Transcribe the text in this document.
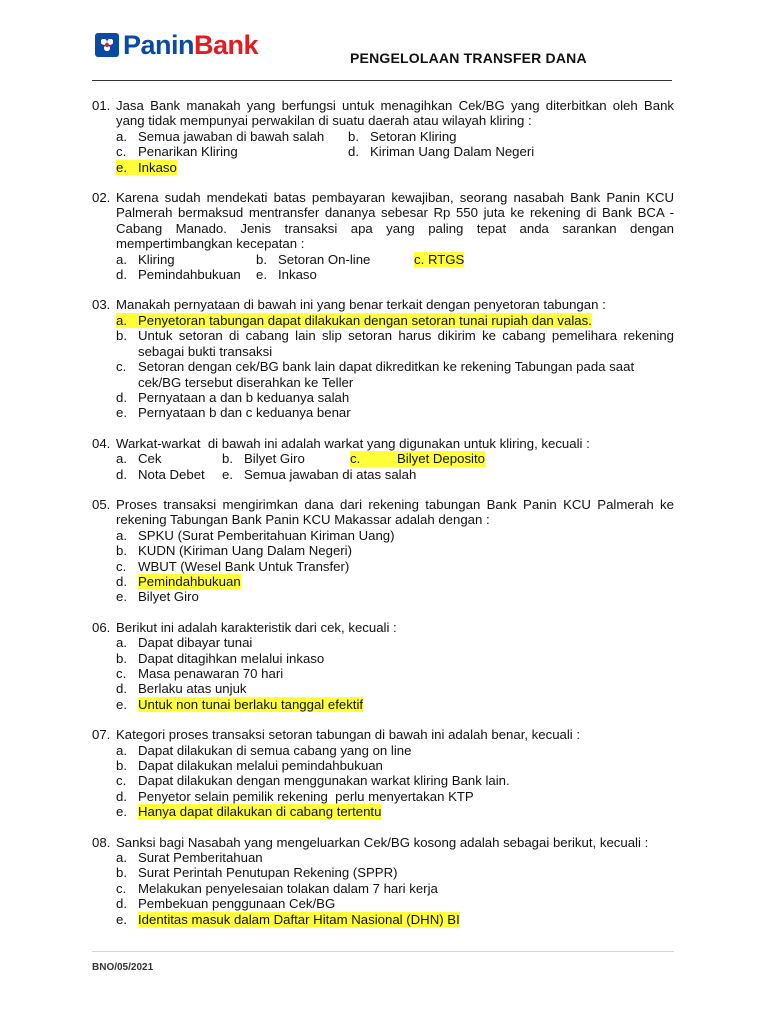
PaninBank	PENGELOLAAN TRANSFER DANA
01. Jasa Bank manakah yang berfungsi untuk menagihkan Cek/BG yang diterbitkan oleh Bank yang tidak mempunyai perwakilan di suatu daerah atau wilayah kliring :
a. Semua jawaban di bawah salah b. Setoran Kliring
c. Penarikan Kliring	d. Kiriman Uang Dalam Negeri
e. Inkaso
02. Karena sudah mendekati batas pembayaran kewajiban, seorang nasabah Bank Panin KCU Palmerah bermaksud mentransfer dananya sebesar Rp 550 juta ke rekening di Bank BCA - Cabang Manado. Jenis transaksi apa yang paling tepat anda sarankan dengan mempertimbangkan kecepatan :
a. Kliring	b. Setoran On-line	c. RTGS
d. Pemindahbukuan e. Inkaso
03. Manakah pernyataan di bawah ini yang benar terkait dengan penyetoran tabungan :
a. Penyetoran tabungan dapat dilakukan dengan setoran tunai rupiah dan valas.
b. Untuk setoran di cabang lain slip setoran harus dikirim ke cabang pemelihara rekening sebagai bukti transaksi
c. Setoran dengan cek/BG bank lain dapat dikreditkan ke rekening Tabungan pada saat cek/BG tersebut diserahkan ke Teller
d. Pernyataan a dan b keduanya salah
e. Pernyataan b dan c keduanya benar
04. Warkat-warkat  di bawah ini adalah warkat yang digunakan untuk kliring, kecuali :
a. Cek	b. Bilyet Giro	c.	Bilyet Deposito
d. Nota Debet e. Semua jawaban di atas salah
05. Proses transaksi mengirimkan dana dari rekening tabungan Bank Panin KCU Palmerah ke rekening Tabungan Bank Panin KCU Makassar adalah dengan :
a. SPKU (Surat Pemberitahuan Kiriman Uang)
b. KUDN (Kiriman Uang Dalam Negeri)
c. WBUT (Wesel Bank Untuk Transfer)
d. Pemindahbukuan
e. Bilyet Giro
06. Berikut ini adalah karakteristik dari cek, kecuali :
a. Dapat dibayar tunai
b. Dapat ditagihkan melalui inkaso
c. Masa penawaran 70 hari
d. Berlaku atas unjuk
e. Untuk non tunai berlaku tanggal efektif
07. Kategori proses transaksi setoran tabungan di bawah ini adalah benar, kecuali :
a. Dapat dilakukan di semua cabang yang on line
b. Dapat dilakukan melalui pemindahbukuan
c. Dapat dilakukan dengan menggunakan warkat kliring Bank lain.
d. Penyetor selain pemilik rekening  perlu menyertakan KTP
e. Hanya dapat dilakukan di cabang tertentu
08. Sanksi bagi Nasabah yang mengeluarkan Cek/BG kosong adalah sebagai berikut, kecuali :
a. Surat Pemberitahuan
b. Surat Perintah Penutupan Rekening (SPPR)
c. Melakukan penyelesaian tolakan dalam 7 hari kerja
d. Pembekuan penggunaan Cek/BG
e. Identitas masuk dalam Daftar Hitam Nasional (DHN) BI
BNO/05/2021
